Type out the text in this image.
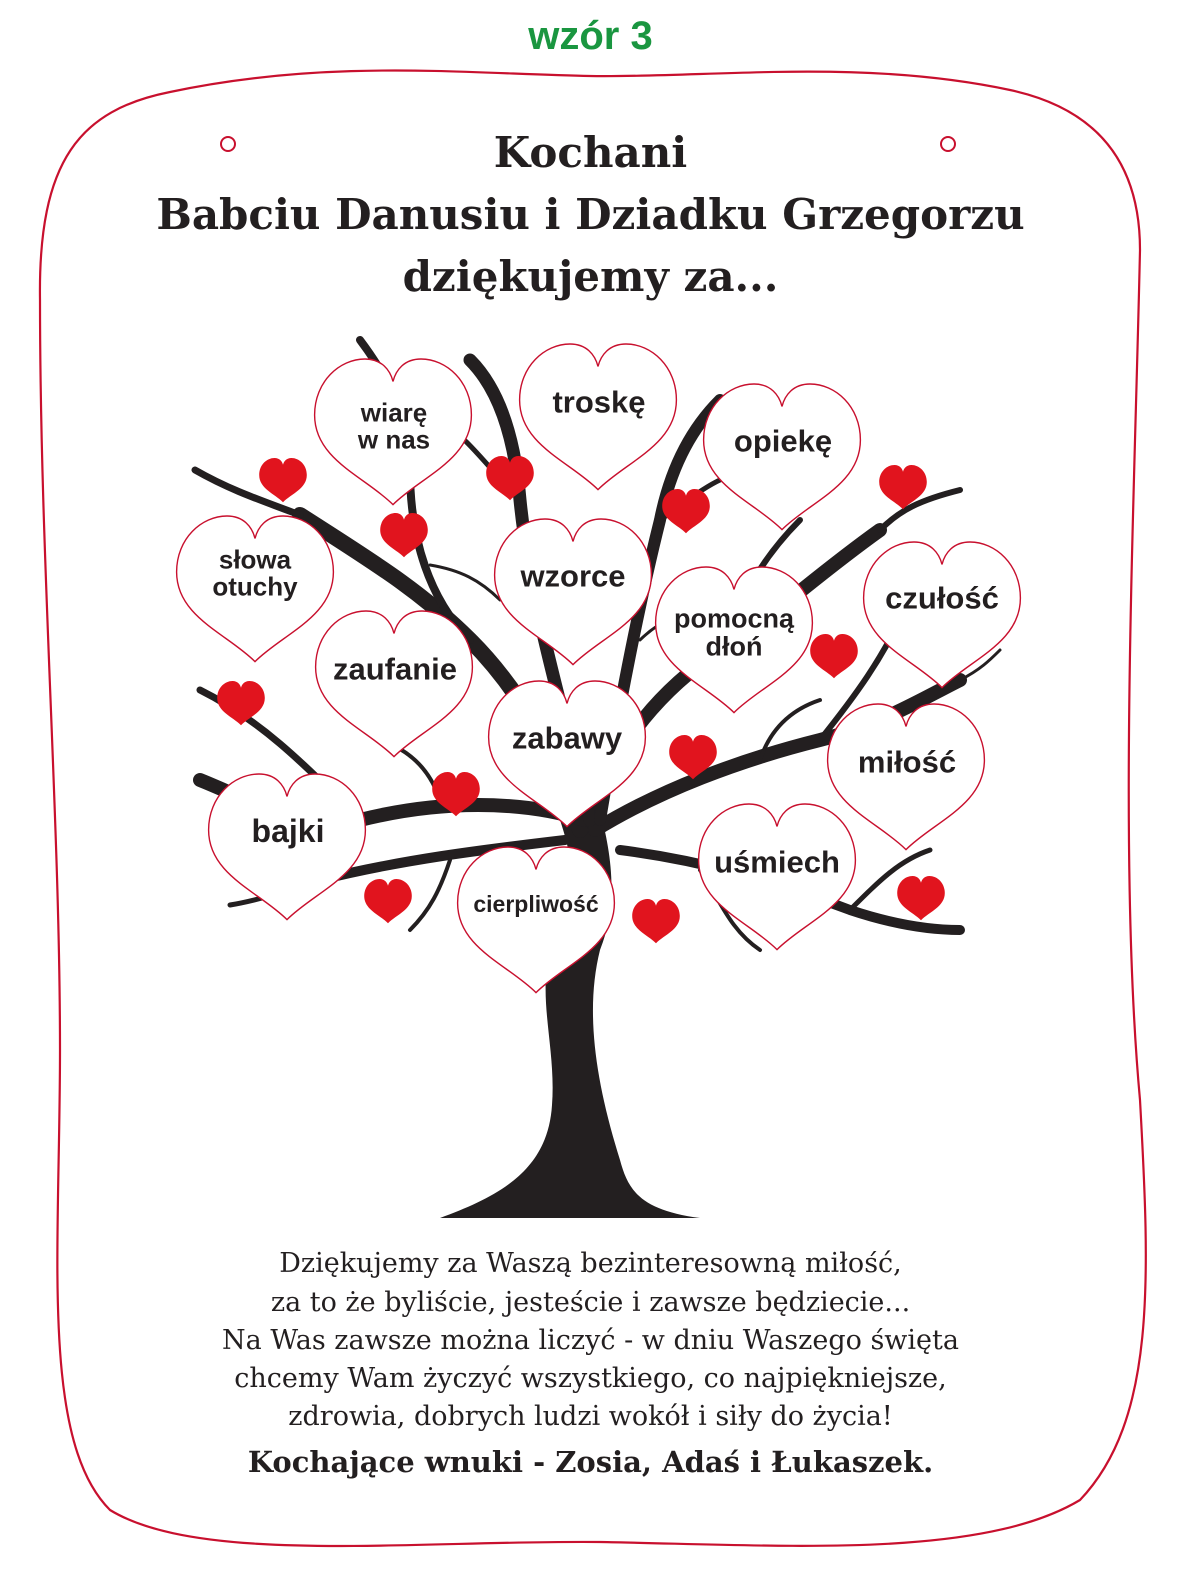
wzór 3
Kochani
Babciu Danusiu i Dziadku Grzegorzu
dziękujemy za...
wiarę
w nas
troskę
opiekę
słowa
otuchy	wzorce
pomocną
dłoń
czułość
zaufanie
zabawy
miłość
bajki
uśmiech
cierpliwość
Dziękujemy za Waszą bezinteresowną miłość,
za to że byliście, jesteście i zawsze będziecie...
Na Was zawsze można liczyć - w dniu Waszego święta
chcemy Wam życzyć wszystkiego, co najpiękniejsze,
zdrowia, dobrych ludzi wokół i siły do życia!
Kochające wnuki - Zosia, Adaś i Łukaszek.
